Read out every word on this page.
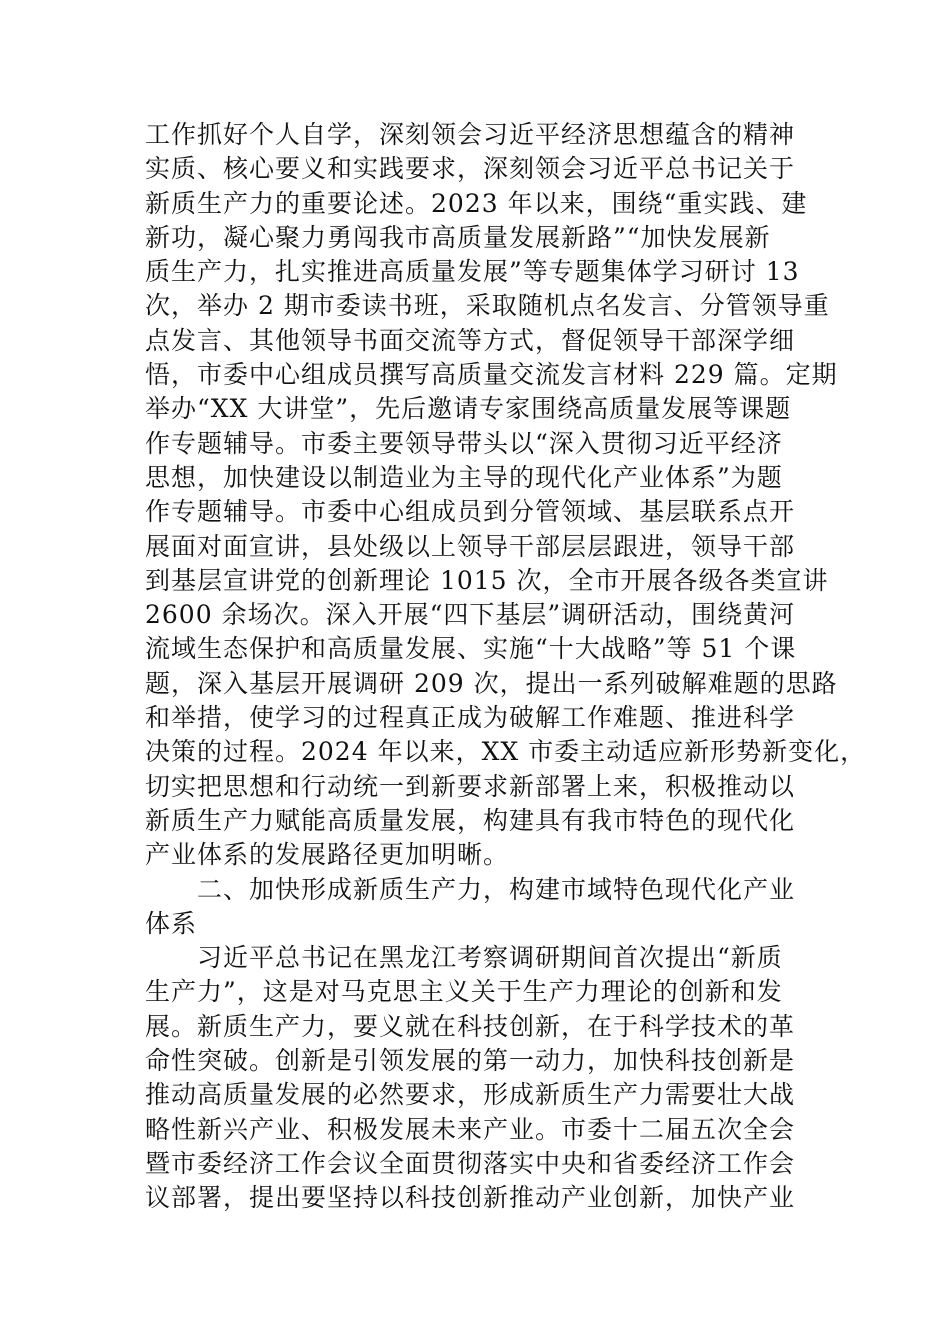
工作抓好个人自学，深刻领会习近平经济思想蕴含的精神
实质、核心要义和实践要求，深刻领会习近平总书记关于
新质生产力的重要论述。2023 年以来，围绕“重实践、建
新功，凝心聚力勇闯我市高质量发展新路”“加快发展新
质生产力，扎实推进高质量发展”等专题集体学习研讨 13
次，举办 2 期市委读书班，采取随机点名发言、分管领导重
点发言、其他领导书面交流等方式，督促领导干部深学细
悟，市委中心组成员撰写高质量交流发言材料 229 篇。定期
举办“XX 大讲堂”，先后邀请专家围绕高质量发展等课题
作专题辅导。市委主要领导带头以“深入贯彻习近平经济
思想，加快建设以制造业为主导的现代化产业体系”为题
作专题辅导。市委中心组成员到分管领域、基层联系点开
展面对面宣讲，县处级以上领导干部层层跟进，领导干部
到基层宣讲党的创新理论 1015 次，全市开展各级各类宣讲
2600 余场次。深入开展“四下基层”调研活动，围绕黄河
流域生态保护和高质量发展、实施“十大战略”等 51 个课
题，深入基层开展调研 209 次，提出一系列破解难题的思路
和举措，使学习的过程真正成为破解工作难题、推进科学
决策的过程。2024 年以来，XX 市委主动适应新形势新变化，
切实把思想和行动统一到新要求新部署上来，积极推动以
新质生产力赋能高质量发展，构建具有我市特色的现代化
产业体系的发展路径更加明晰。
二、加快形成新质生产力，构建市域特色现代化产业
体系
习近平总书记在黑龙江考察调研期间首次提出“新质
生产力”，这是对马克思主义关于生产力理论的创新和发
展。新质生产力，要义就在科技创新，在于科学技术的革
命性突破。创新是引领发展的第一动力，加快科技创新是
推动高质量发展的必然要求，形成新质生产力需要壮大战
略性新兴产业、积极发展未来产业。市委十二届五次全会
暨市委经济工作会议全面贯彻落实中央和省委经济工作会
议部署，提出要坚持以科技创新推动产业创新，加快产业
